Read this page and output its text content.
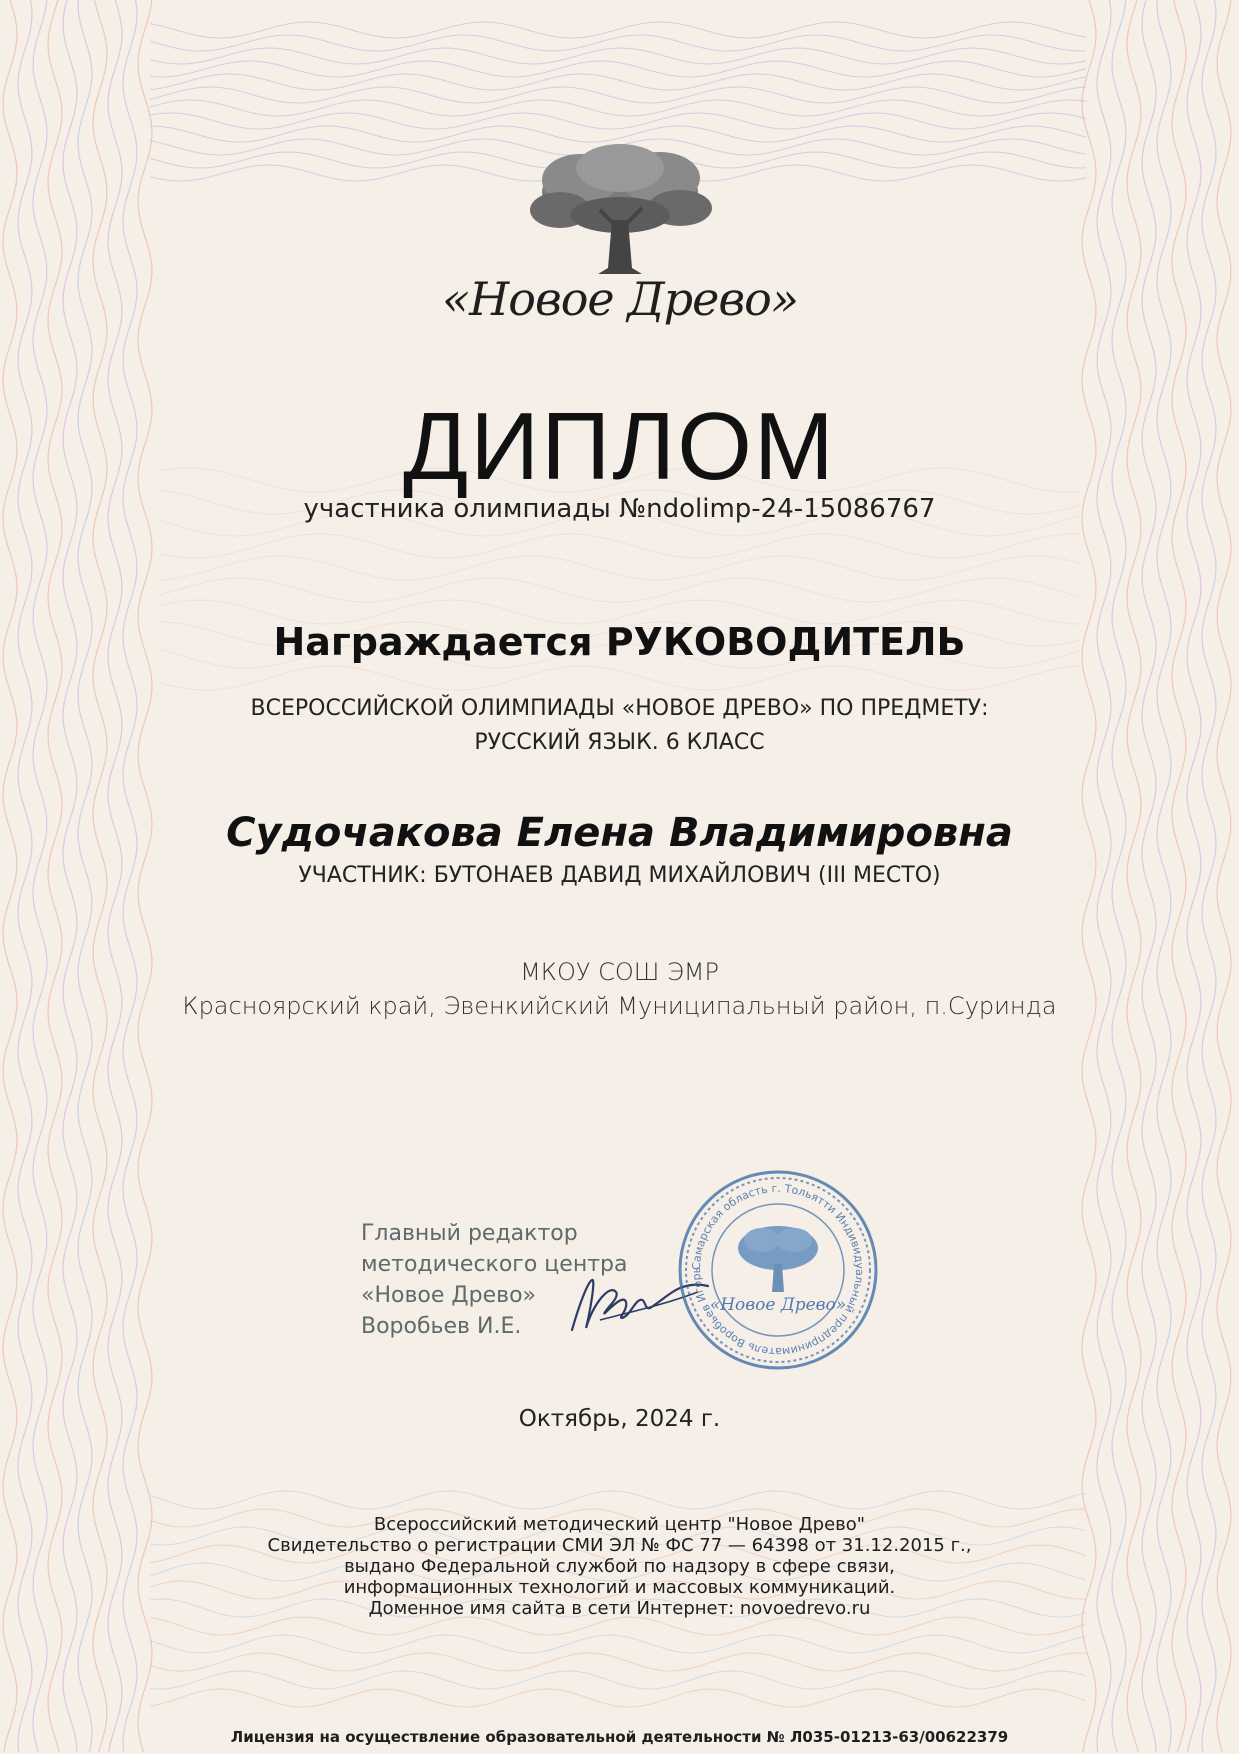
«Новое Древо»
ДИПЛОМ
участника олимпиады №ndolimp-24-15086767
Награждается РУКОВОДИТЕЛЬ
ВСЕРОССИЙСКОЙ ОЛИМПИАДЫ «НОВОЕ ДРЕВО» ПО ПРЕДМЕТУ:
РУССКИЙ ЯЗЫК. 6 КЛАСС
Судочакова Елена Владимировна
УЧАСТНИК: БУТОНАЕВ ДАВИД МИХАЙЛОВИЧ (III МЕСТО)
МКОУ СОШ ЭМР
Красноярский край, Эвенкийский Муниципальный район, п.Суринда
Главный редактор
методического центра
«Новое Древо»
Воробьев И.Е.
Самарская область г. Тольятти Индивидуальный предприниматель Воробьев Игорь
«Новое Древо»
Октябрь, 2024 г.
Всероссийский методический центр "Новое Древо"
Свидетельство о регистрации СМИ ЭЛ № ФС 77 — 64398 от 31.12.2015 г.,
выдано Федеральной службой по надзору в сфере связи,
информационных технологий и массовых коммуникаций.
Доменное имя сайта в сети Интернет: novoedrevo.ru
Лицензия на осуществление образовательной деятельности № Л035-01213-63/00622379
